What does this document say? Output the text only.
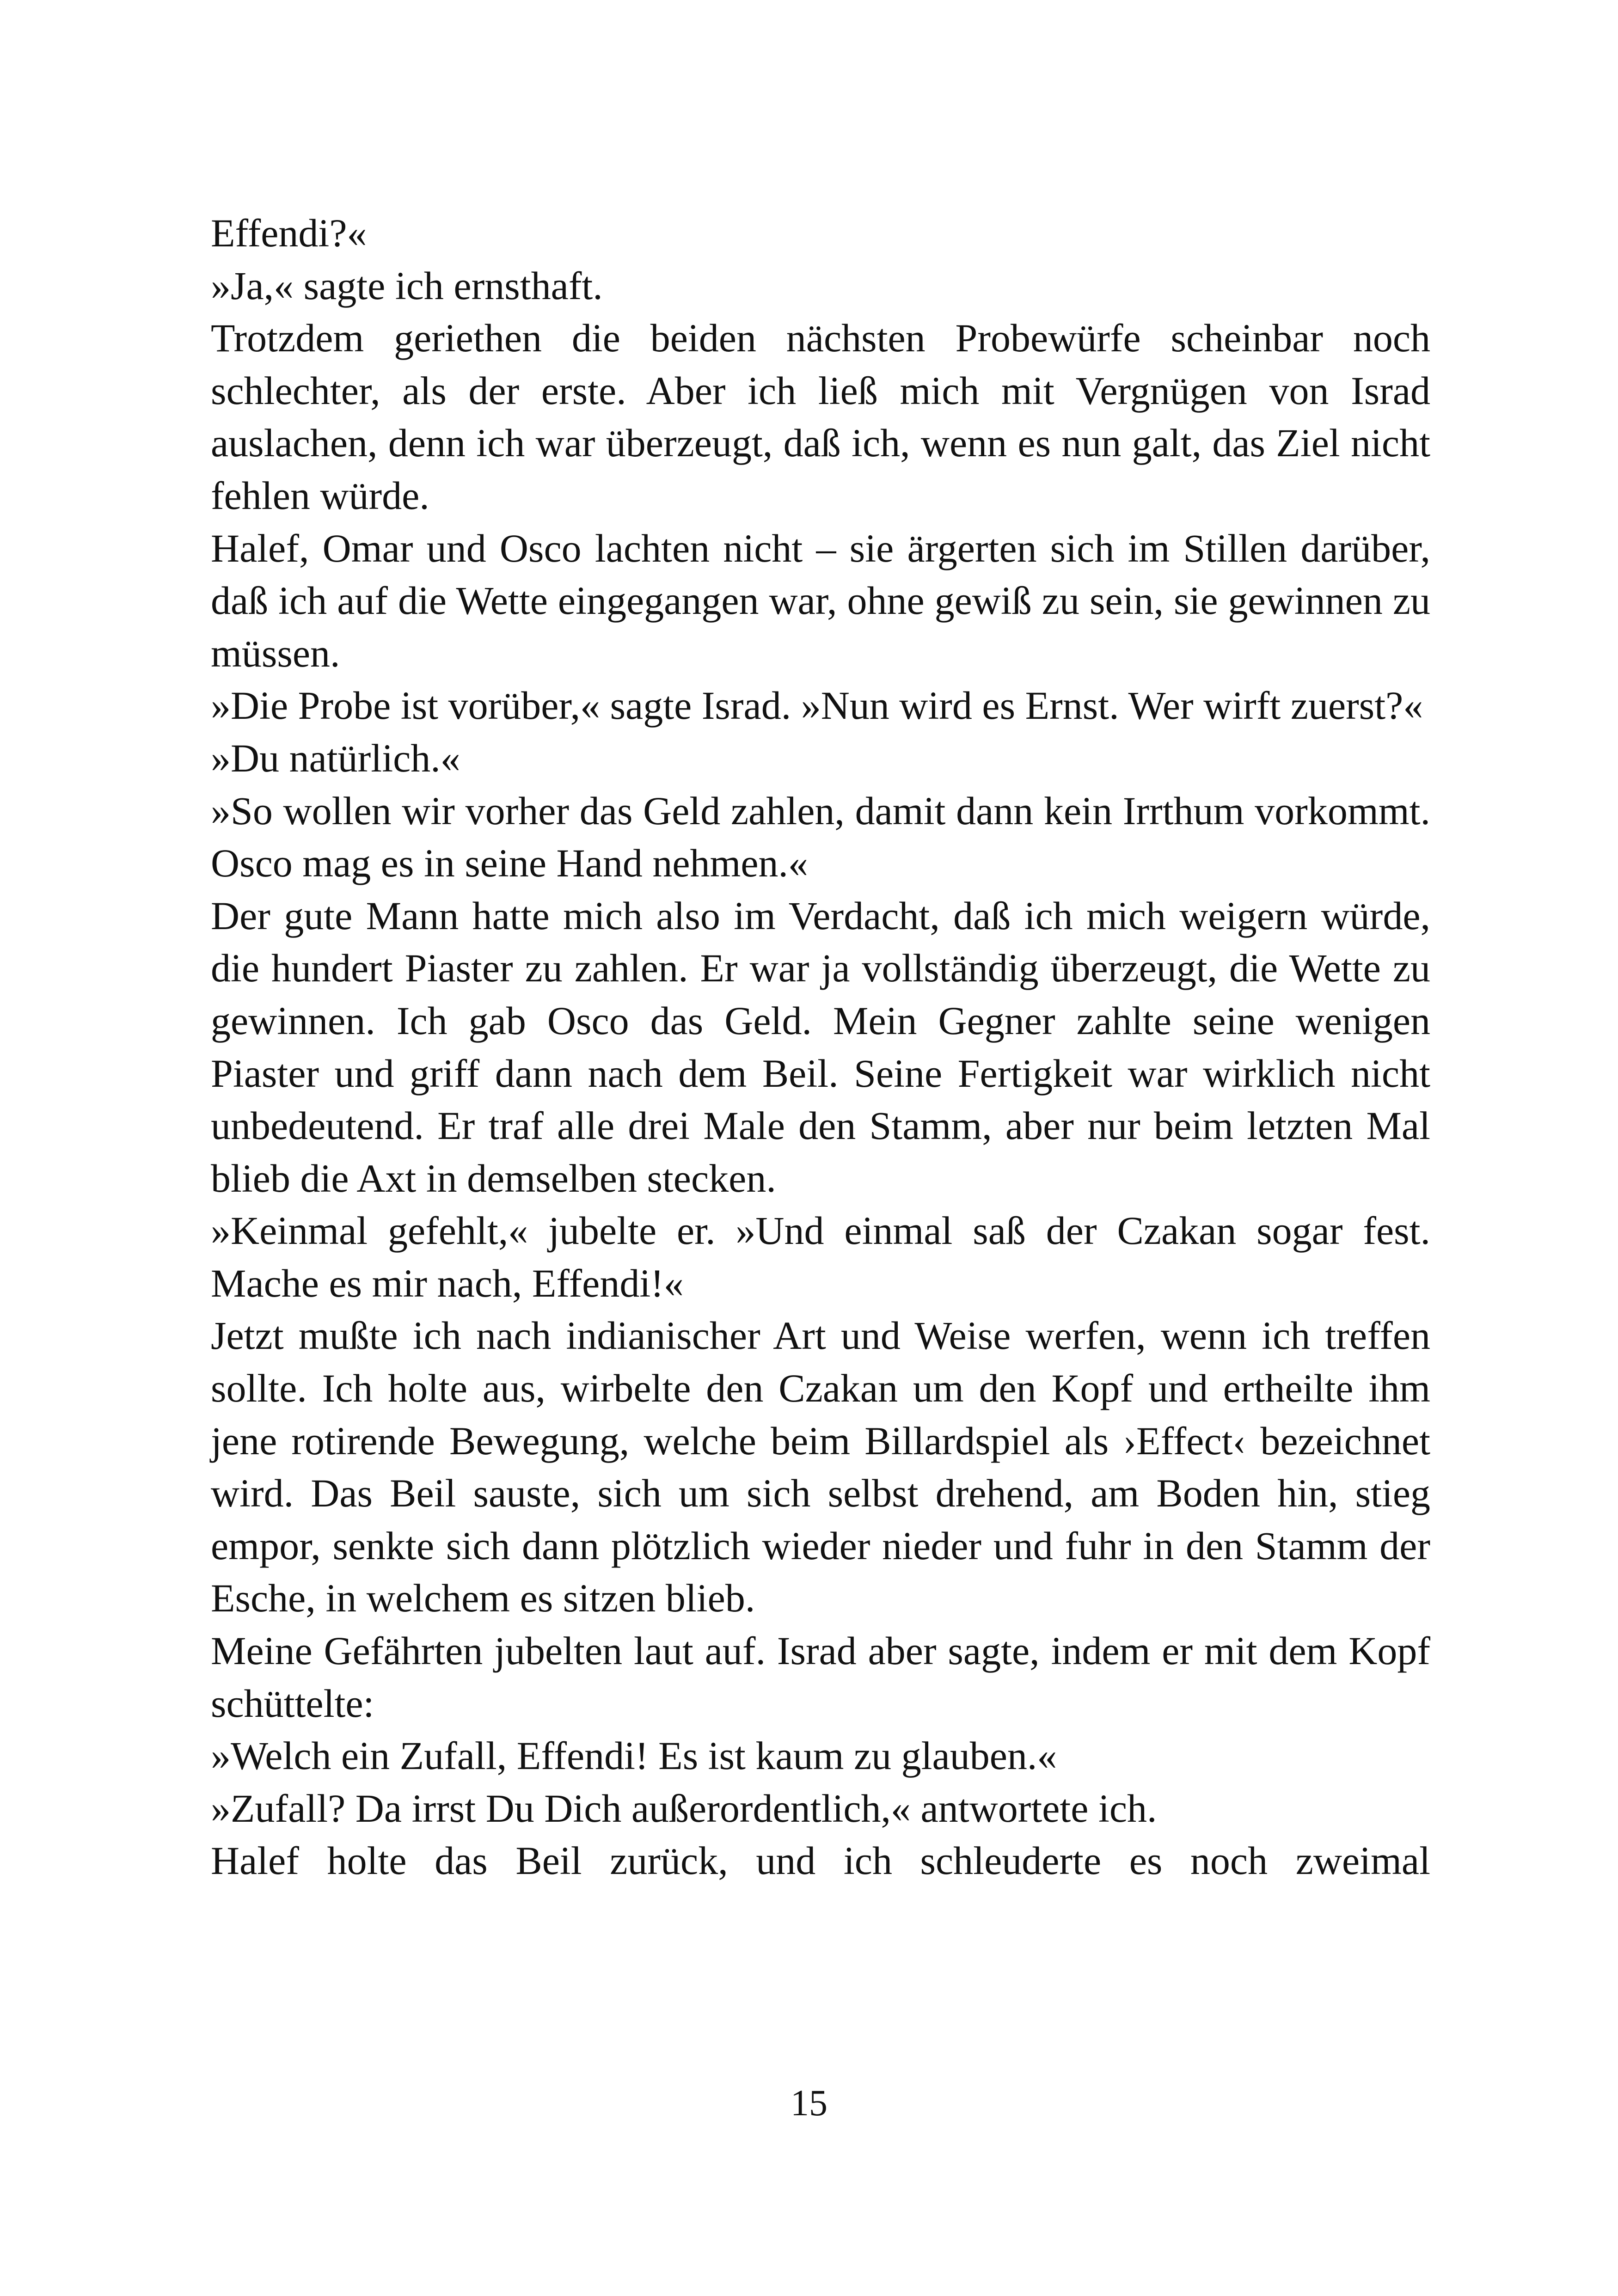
Effendi?«

»Ja,« sagte ich ernsthaft.

Trotzdem geriethen die beiden nächsten Probewürfe scheinbar noch schlechter, als der erste. Aber ich ließ mich mit Vergnügen von Israd auslachen, denn ich war überzeugt, daß ich, wenn es nun galt, das Ziel nicht fehlen würde.

Halef, Omar und Osco lachten nicht – sie ärgerten sich im Stillen darüber, daß ich auf die Wette eingegangen war, ohne gewiß zu sein, sie gewinnen zu müssen.

»Die Probe ist vorüber,« sagte Israd. »Nun wird es Ernst. Wer wirft zuerst?«

»Du natürlich.«

»So wollen wir vorher das Geld zahlen, damit dann kein Irrthum vorkommt. Osco mag es in seine Hand nehmen.«

Der gute Mann hatte mich also im Verdacht, daß ich mich weigern würde, die hundert Piaster zu zahlen. Er war ja vollständig überzeugt, die Wette zu gewinnen. Ich gab Osco das Geld. Mein Gegner zahlte seine wenigen Piaster und griff dann nach dem Beil. Seine Fertigkeit war wirklich nicht unbedeutend. Er traf alle drei Male den Stamm, aber nur beim letzten Mal blieb die Axt in demselben stecken.

»Keinmal gefehlt,« jubelte er. »Und einmal saß der Czakan sogar fest. Mache es mir nach, Effendi!«

Jetzt mußte ich nach indianischer Art und Weise werfen, wenn ich treffen sollte. Ich holte aus, wirbelte den Czakan um den Kopf und ertheilte ihm jene rotirende Bewegung, welche beim Billardspiel als ›Effect‹ bezeichnet wird. Das Beil sauste, sich um sich selbst drehend, am Boden hin, stieg empor, senkte sich dann plötzlich wieder nieder und fuhr in den Stamm der Esche, in welchem es sitzen blieb.

Meine Gefährten jubelten laut auf. Israd aber sagte, indem er mit dem Kopf schüttelte:

»Welch ein Zufall, Effendi! Es ist kaum zu glauben.«

»Zufall? Da irrst Du Dich außerordentlich,« antwortete ich.

Halef holte das Beil zurück, und ich schleuderte es noch zweimal

15
